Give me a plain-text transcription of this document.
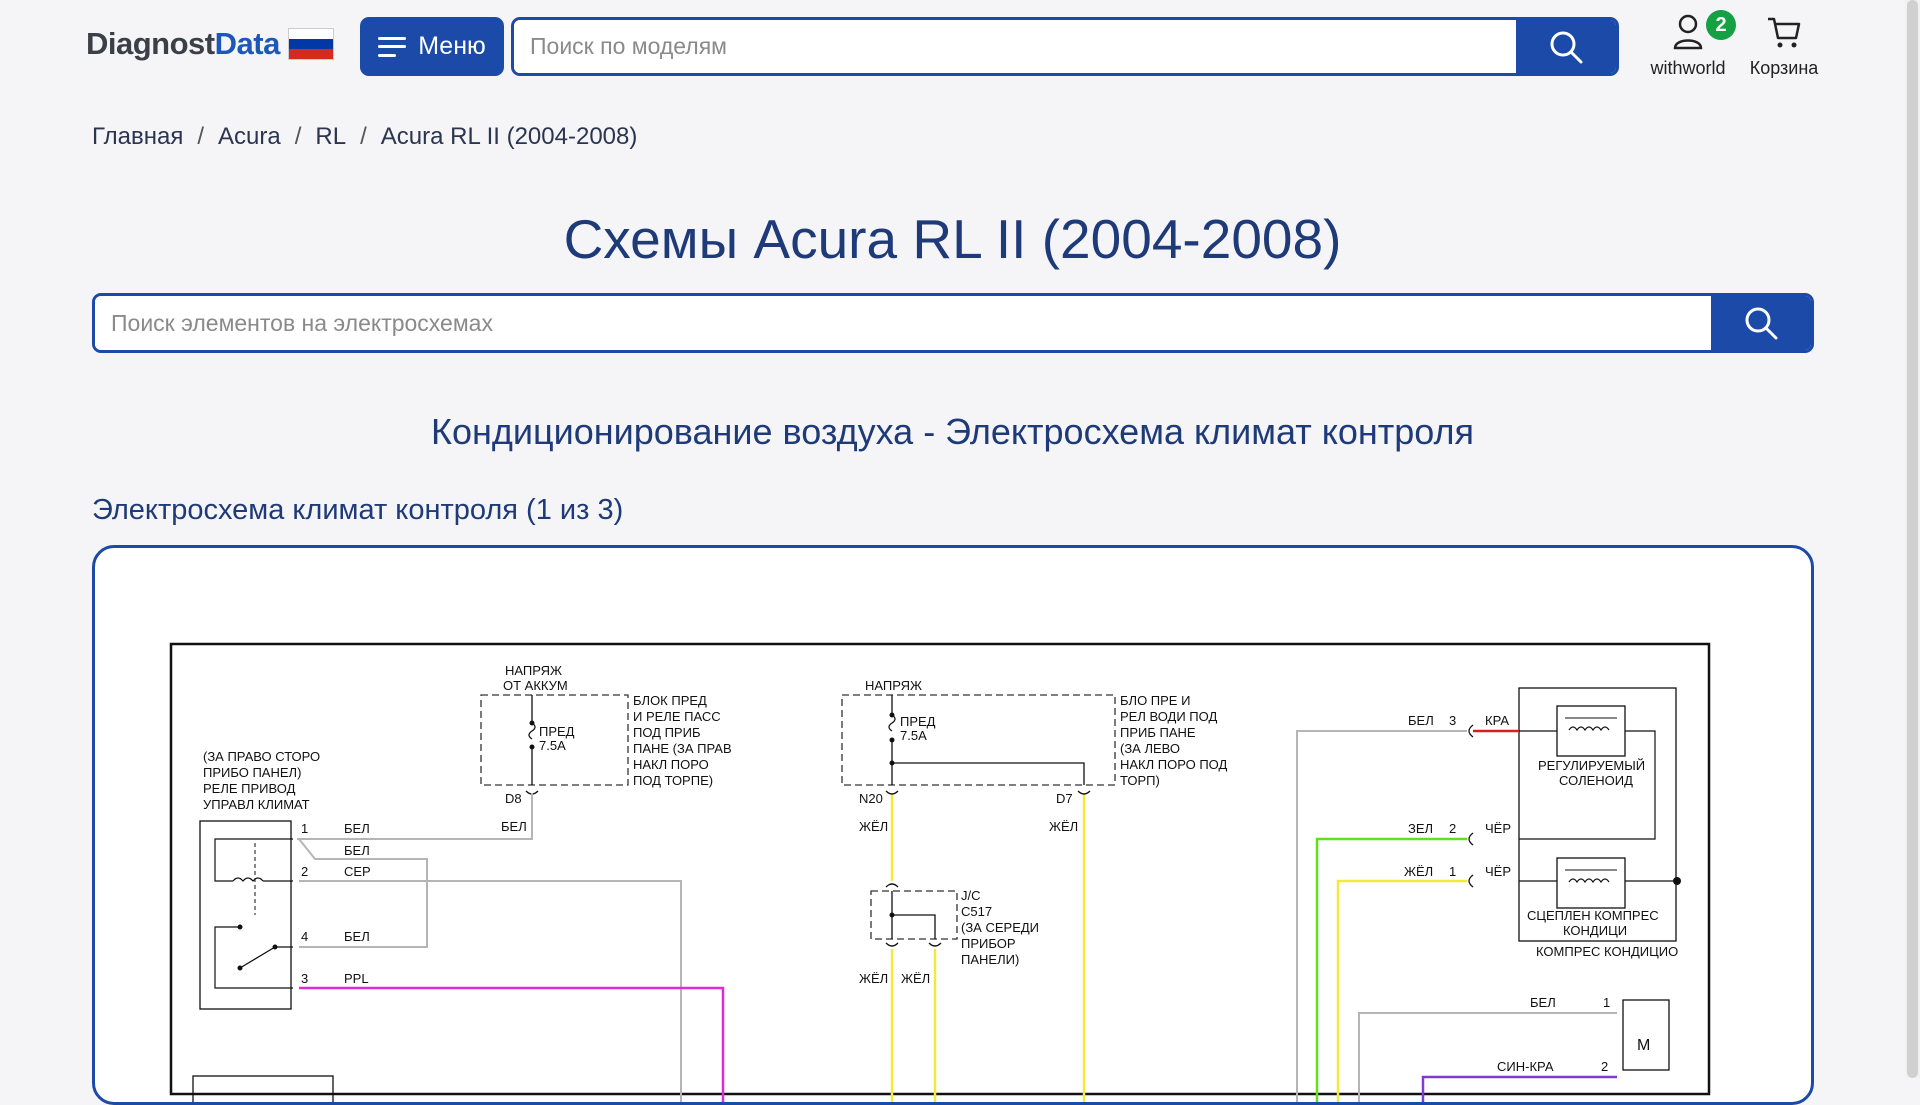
DiagnostData	Меню
Поиск по моделям
2
withworld	Корзина
Главная / Acura / RL / Acura RL II (2004-2008)
Схемы Acura RL II (2004-2008)
Поиск элементов на электросхемах
Кондиционирование воздуха - Электросхема климат контроля
Электросхема климат контроля (1 из 3)
НАПРЯЖ
ОТ АККУМ
ПРЕД
7.5A
БЛОК ПРЕД
И РЕЛЕ ПАСС
ПОД ПРИБ
ПАНЕ (ЗА ПРАВ
НАКЛ ПОРО
ПОД ТОРПЕ)
D8
БЕЛ
(ЗА ПРАВО СТОРО
ПРИБО ПАНЕЛ)
РЕЛЕ ПРИВОД
УПРАВЛ КЛИМАТ
1
2
4
3
БЕЛ
БЕЛ
СЕР
БЕЛ
PPL
НАПРЯЖ
ПРЕД
7.5A
БЛО ПРЕ И
РЕЛ ВОДИ ПОД
ПРИБ ПАНЕ
(ЗА ЛЕВО
НАКЛ ПОРО ПОД
ТОРП)
N20	D7
ЖЁЛ	ЖЁЛ
J/C
C517
(ЗА СЕРЕДИ
ПРИБОР
ПАНЕЛИ)
ЖЁЛ ЖЁЛ
РЕГУЛИРУЕМЫЙ
СОЛЕНОИД
СЦЕПЛЕН КОМПРЕС
КОНДИЦИ
КОМПРЕС КОНДИЦИО
БЕЛ 3 КРА
ЗЕЛ 2 ЧЁР
ЖЁЛ 1 ЧЁР
M
БЕЛ	1
СИН-КРА	2
